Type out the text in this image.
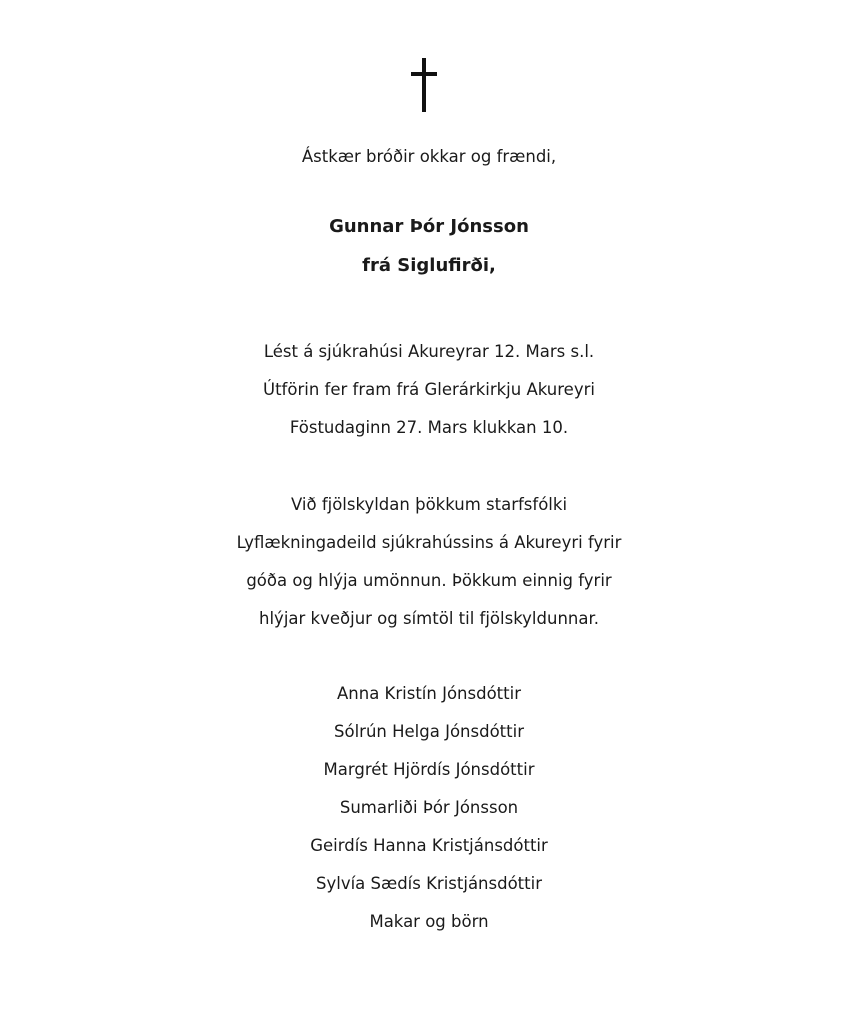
Ástkær bróðir okkar og frændi,
Gunnar Þór Jónsson
frá Siglufirði,
Lést á sjúkrahúsi Akureyrar 12. Mars s.l.
Útförin fer fram frá Glerárkirkju Akureyri
Föstudaginn 27. Mars klukkan 10.
Við fjölskyldan þökkum starfsfólki
Lyflækningadeild sjúkrahússins á Akureyri fyrir
góða og hlýja umönnun. Þökkum einnig fyrir
hlýjar kveðjur og símtöl til fjölskyldunnar.
Anna Kristín Jónsdóttir
Sólrún Helga Jónsdóttir
Margrét Hjördís Jónsdóttir
Sumarliði Þór Jónsson
Geirdís Hanna Kristjánsdóttir
Sylvía Sædís Kristjánsdóttir
Makar og börn
